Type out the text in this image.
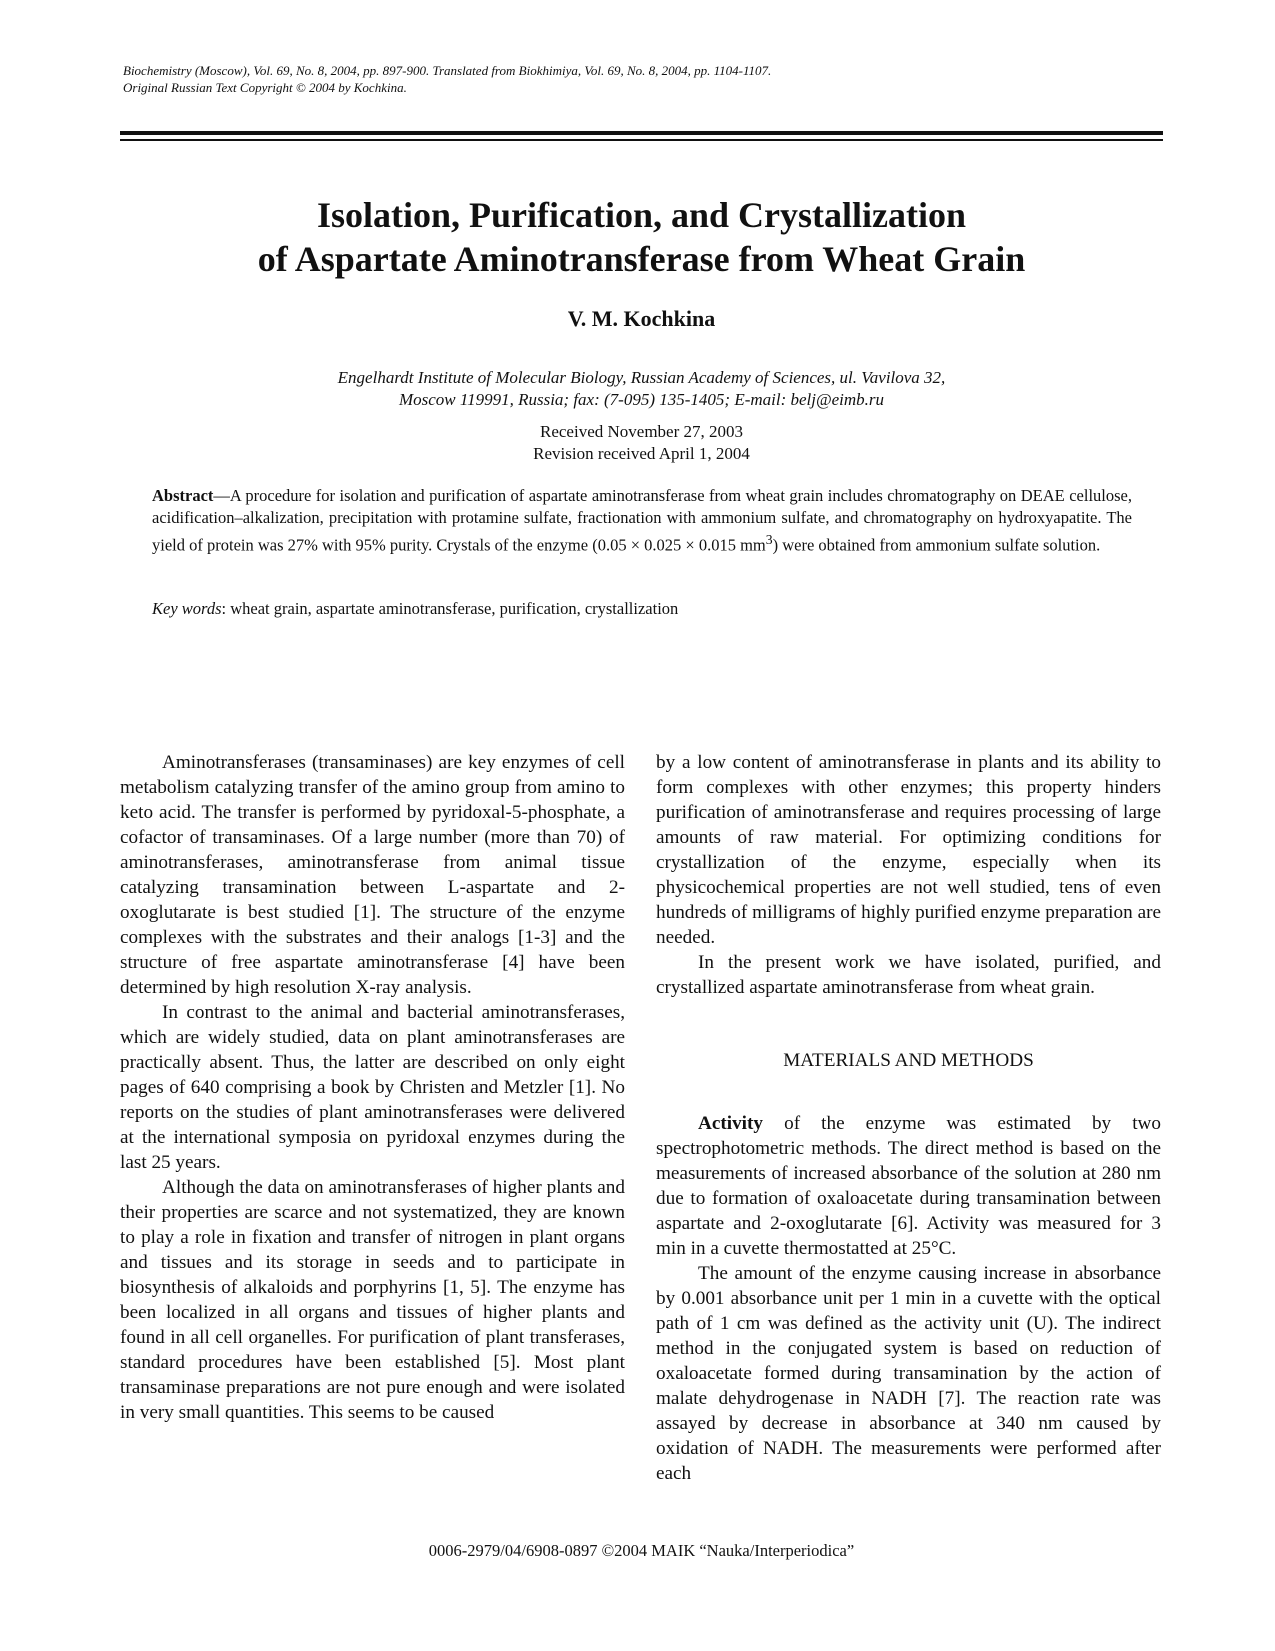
Biochemistry (Moscow), Vol. 69, No. 8, 2004, pp. 897-900. Translated from Biokhimiya, Vol. 69, No. 8, 2004, pp. 1104-1107.
Original Russian Text Copyright © 2004 by Kochkina.
Isolation, Purification, and Crystallization
of Aspartate Aminotransferase from Wheat Grain
V. M. Kochkina
Engelhardt Institute of Molecular Biology, Russian Academy of Sciences, ul. Vavilova 32,
Moscow 119991, Russia; fax: (7-095) 135-1405; E-mail: belj@eimb.ru
Received November 27, 2003
Revision received April 1, 2004
Abstract—A procedure for isolation and purification of aspartate aminotransferase from wheat grain includes chromatography on DEAE cellulose, acidification–alkalization, precipitation with protamine sulfate, fractionation with ammonium sulfate, and chromatography on hydroxyapatite. The yield of protein was 27% with 95% purity. Crystals of the enzyme (0.05 × 0.025 × 0.015 $mm^3$) were obtained from ammonium sulfate solution.
Key words: wheat grain, aspartate aminotransferase, purification, crystallization

Aminotransferases (transaminases) are key enzymes of cell metabolism catalyzing transfer of the amino group from amino to keto acid. The transfer is performed by pyridoxal-5-phosphate, a cofactor of transaminases. Of a large number (more than 70) of aminotransferases, aminotransferase from animal tissue catalyzing transamination between L-aspartate and 2-oxoglutarate is best studied [1]. The structure of the enzyme complexes with the substrates and their analogs [1-3] and the structure of free aspartate aminotransferase [4] have been determined by high resolution X-ray analysis.

In contrast to the animal and bacterial aminotransferases, which are widely studied, data on plant aminotransferases are practically absent. Thus, the latter are described on only eight pages of 640 comprising a book by Christen and Metzler [1]. No reports on the studies of plant aminotransferases were delivered at the international symposia on pyridoxal enzymes during the last 25 years.

Although the data on aminotransferases of higher plants and their properties are scarce and not systematized, they are known to play a role in fixation and transfer of nitrogen in plant organs and tissues and its storage in seeds and to participate in biosynthesis of alkaloids and porphyrins [1, 5]. The enzyme has been localized in all organs and tissues of higher plants and found in all cell organelles. For purification of plant transferases, standard procedures have been established [5]. Most plant transaminase preparations are not pure enough and were isolated in very small quantities. This seems to be caused

by a low content of aminotransferase in plants and its ability to form complexes with other enzymes; this property hinders purification of aminotransferase and requires processing of large amounts of raw material. For optimizing conditions for crystallization of the enzyme, especially when its physicochemical properties are not well studied, tens of even hundreds of milligrams of highly purified enzyme preparation are needed.

In the present work we have isolated, purified, and crystallized aspartate aminotransferase from wheat grain.

MATERIALS AND METHODS

Activity of the enzyme was estimated by two spectrophotometric methods. The direct method is based on the measurements of increased absorbance of the solution at 280 nm due to formation of oxaloacetate during transamination between aspartate and 2-oxoglutarate [6]. Activity was measured for 3 min in a cuvette thermostatted at 25°C.

The amount of the enzyme causing increase in absorbance by 0.001 absorbance unit per 1 min in a cuvette with the optical path of 1 cm was defined as the activity unit (U). The indirect method in the conjugated system is based on reduction of oxaloacetate formed during transamination by the action of malate dehydrogenase in NADH [7]. The reaction rate was assayed by decrease in absorbance at 340 nm caused by oxidation of NADH. The measurements were performed after each

0006-2979/04/6908-0897 ©2004 MAIK “Nauka/Interperiodica”
